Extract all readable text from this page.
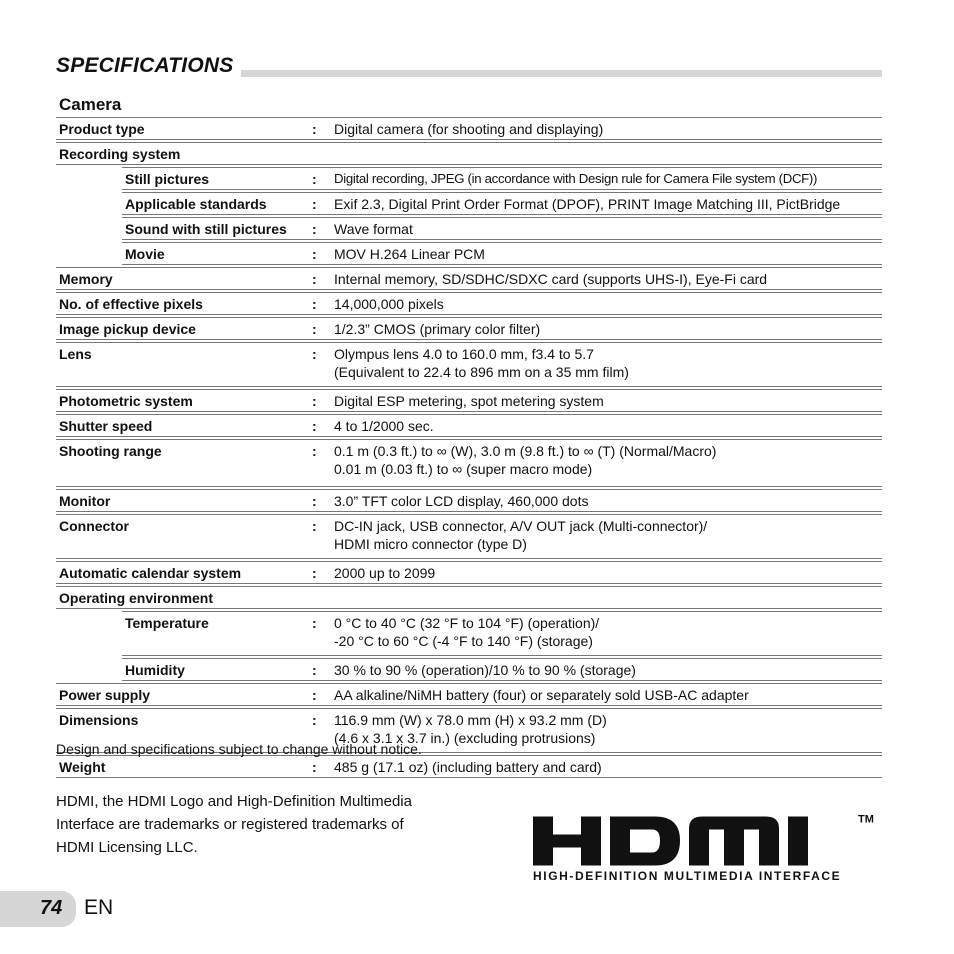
SPECIFICATIONS
Camera
Product type	:	Digital camera (for shooting and displaying)
Recording system
Still pictures	:	Digital recording, JPEG (in accordance with Design rule for Camera File system (DCF))
Applicable standards	:	Exif 2.3, Digital Print Order Format (DPOF), PRINT Image Matching III, PictBridge
Sound with still pictures	:	Wave format
Movie	:	MOV H.264 Linear PCM
Memory	:	Internal memory, SD/SDHC/SDXC card (supports UHS-I), Eye-Fi card
No. of effective pixels	:	14,000,000 pixels
Image pickup device	:	1/2.3” CMOS (primary color filter)
Lens	:	Olympus lens 4.0 to 160.0 mm, f3.4 to 5.7
(Equivalent to 22.4 to 896 mm on a 35 mm film)
Photometric system	:	Digital ESP metering, spot metering system
Shutter speed	:	4 to 1/2000 sec.
Shooting range	:	0.1 m (0.3 ft.) to ∞ (W), 3.0 m (9.8 ft.) to ∞ (T) (Normal/Macro)
0.01 m (0.03 ft.) to ∞ (super macro mode)
Monitor	:	3.0” TFT color LCD display, 460,000 dots
Connector	:	DC-IN jack, USB connector, A/V OUT jack (Multi-connector)/
HDMI micro connector (type D)
Automatic calendar system	:	2000 up to 2099
Operating environment
Temperature	:	0 °C to 40 °C (32 °F to 104 °F) (operation)/
-20 °C to 60 °C (-4 °F to 140 °F) (storage)
Humidity	:	30 % to 90 % (operation)/10 % to 90 % (storage)
Power supply	:	AA alkaline/NiMH battery (four) or separately sold USB-AC adapter
Dimensions	:	116.9 mm (W) x 78.0 mm (H) x 93.2 mm (D)
(4.6 x 3.1 x 3.7 in.) (excluding protrusions)
Weight	:	485 g (17.1 oz) (including battery and card)
Design and specifications subject to change without notice.
HDMI, the HDMI Logo and High-Definition Multimedia
Interface are trademarks or registered trademarks of
HDMI Licensing LLC.
TM
HIGH-DEFINITION MULTIMEDIA INTERFACE
74 EN
